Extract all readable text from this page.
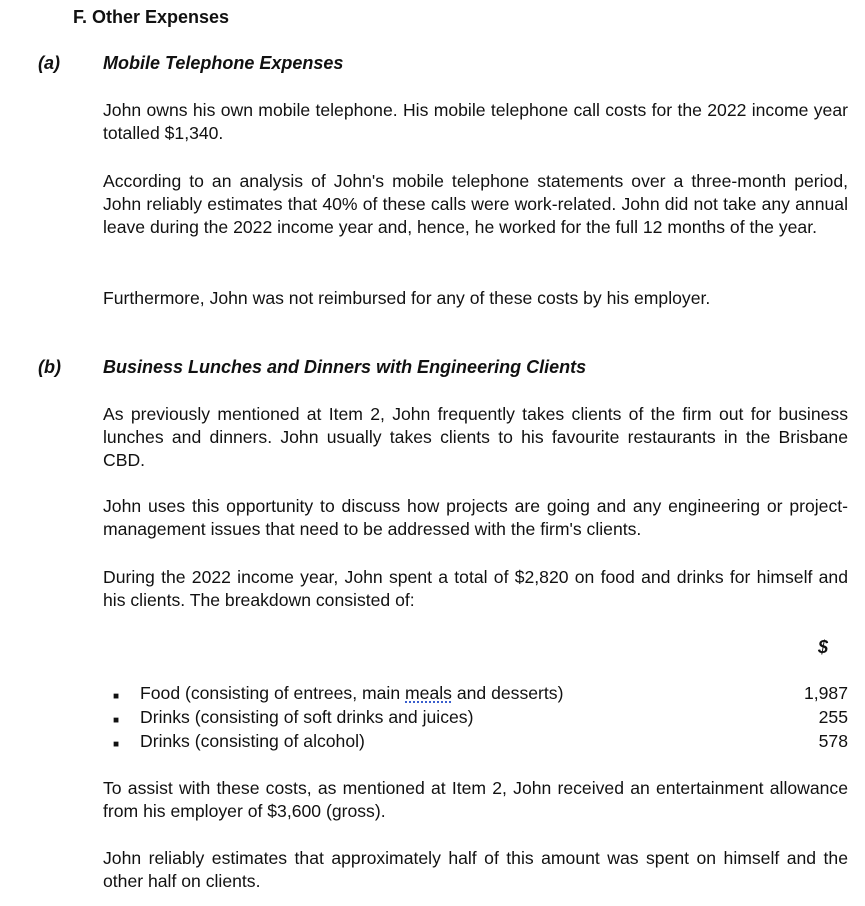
F. Other Expenses
(a) Mobile Telephone Expenses
John owns his own mobile telephone. His mobile telephone call costs for the 2022 income year totalled $1,340.
According to an analysis of John's mobile telephone statements over a three-month period, John reliably estimates that 40% of these calls were work-related. John did not take any annual leave during the 2022 income year and, hence, he worked for the full 12 months of the year.
Furthermore, John was not reimbursed for any of these costs by his employer.
(b) Business Lunches and Dinners with Engineering Clients
As previously mentioned at Item 2, John frequently takes clients of the firm out for business lunches and dinners. John usually takes clients to his favourite restaurants in the Brisbane CBD.
John uses this opportunity to discuss how projects are going and any engineering or project-management issues that need to be addressed with the firm's clients.
During the 2022 income year, John spent a total of $2,820 on food and drinks for himself and his clients. The breakdown consisted of:
$
■	Food (consisting of entrees, main meals and desserts)	1,987
■	Drinks (consisting of soft drinks and juices)	255
■	Drinks (consisting of alcohol)	578
To assist with these costs, as mentioned at Item 2, John received an entertainment allowance from his employer of $3,600 (gross).
John reliably estimates that approximately half of this amount was spent on himself and the other half on clients.
